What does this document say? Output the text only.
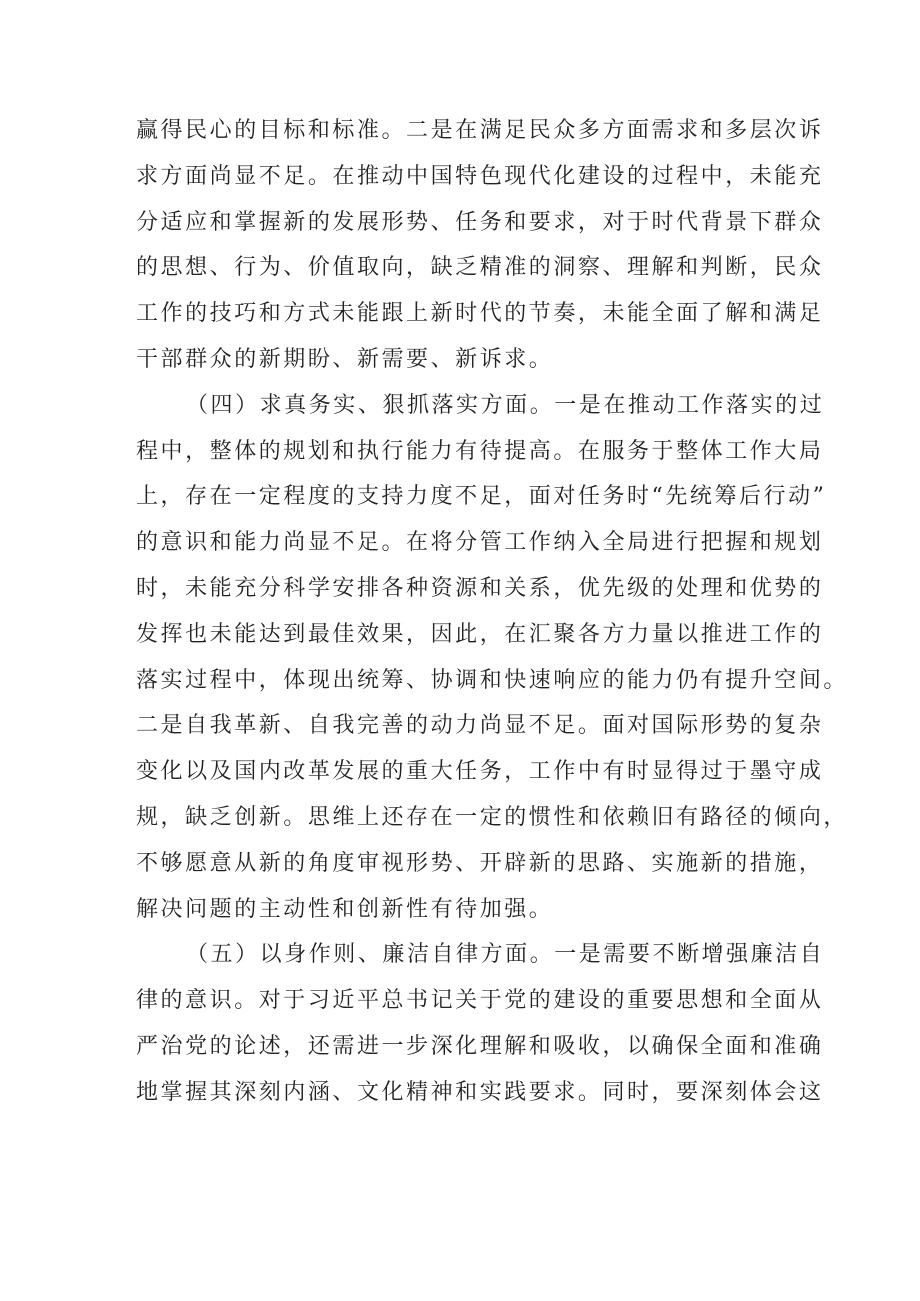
赢得民心的目标和标准。二是在满足民众多方面需求和多层次诉
求方面尚显不足。在推动中国特色现代化建设的过程中，未能充
分适应和掌握新的发展形势、任务和要求，对于时代背景下群众
的思想、行为、价值取向，缺乏精准的洞察、理解和判断，民众
工作的技巧和方式未能跟上新时代的节奏，未能全面了解和满足
干部群众的新期盼、新需要、新诉求。
（四）求真务实、狠抓落实方面。一是在推动工作落实的过
程中，整体的规划和执行能力有待提高。在服务于整体工作大局
上，存在一定程度的支持力度不足，面对任务时“先统筹后行动”
的意识和能力尚显不足。在将分管工作纳入全局进行把握和规划
时，未能充分科学安排各种资源和关系，优先级的处理和优势的
发挥也未能达到最佳效果，因此，在汇聚各方力量以推进工作的
落实过程中，体现出统筹、协调和快速响应的能力仍有提升空间。
二是自我革新、自我完善的动力尚显不足。面对国际形势的复杂
变化以及国内改革发展的重大任务，工作中有时显得过于墨守成
规，缺乏创新。思维上还存在一定的惯性和依赖旧有路径的倾向，
不够愿意从新的角度审视形势、开辟新的思路、实施新的措施，
解决问题的主动性和创新性有待加强。
（五）以身作则、廉洁自律方面。一是需要不断增强廉洁自
律的意识。对于习近平总书记关于党的建设的重要思想和全面从
严治党的论述，还需进一步深化理解和吸收，以确保全面和准确
地掌握其深刻内涵、文化精神和实践要求。同时，要深刻体会这
